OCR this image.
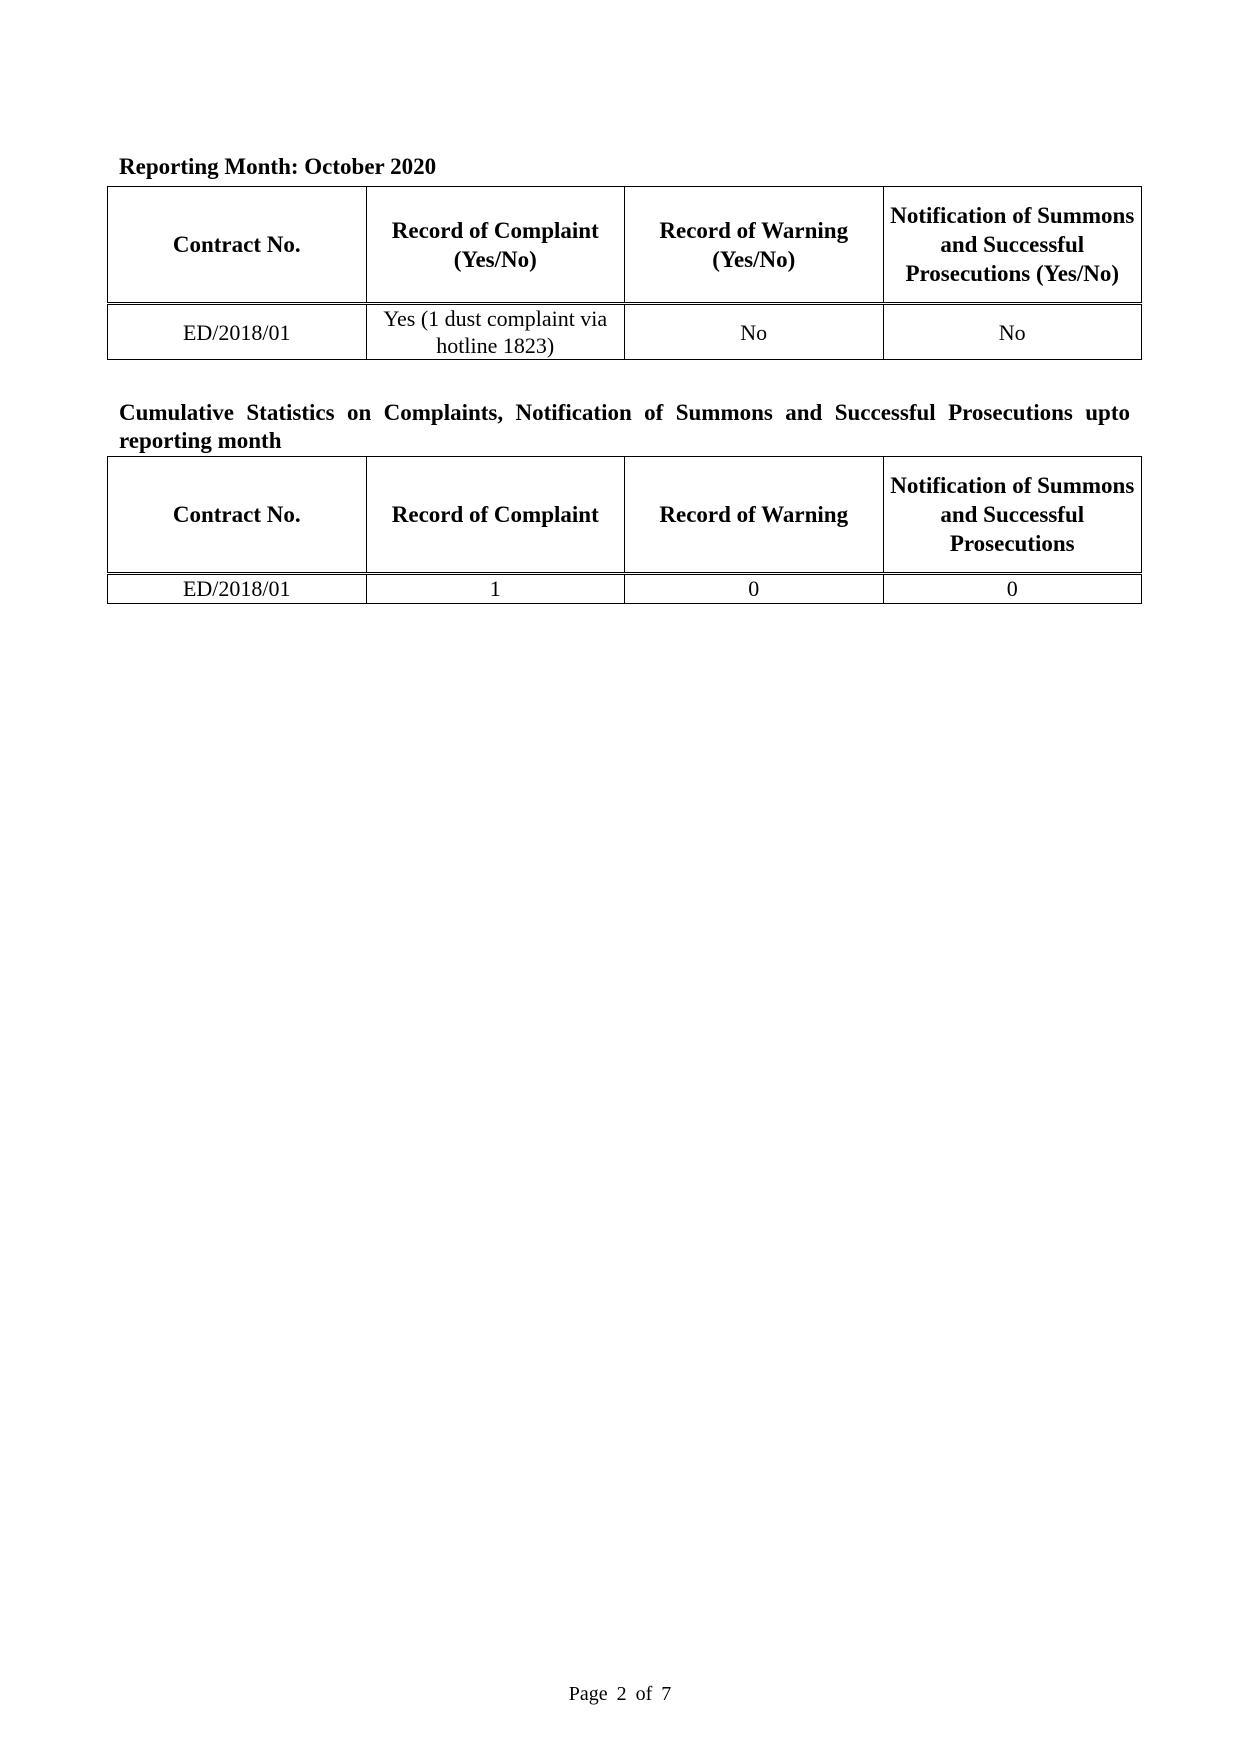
Reporting Month: October 2020

Contract No.	Record of Complaint (Yes/No)	Record of Warning (Yes/No)	Notification of Summons and Successful Prosecutions (Yes/No)
ED/2018/01	Yes (1 dust complaint via hotline 1823)	No	No

Cumulative Statistics on Complaints, Notification of Summons and Successful Prosecutions upto reporting month

Contract No.	Record of Complaint	Record of Warning	Notification of Summons and Successful Prosecutions
ED/2018/01	1	0	0
Page 2 of 7
